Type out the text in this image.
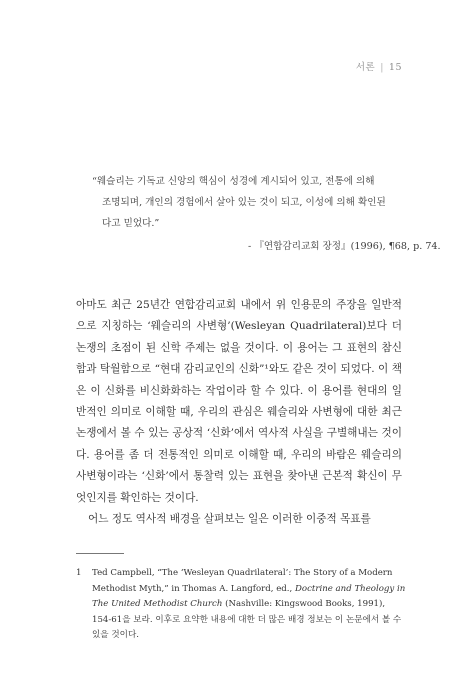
서론 | 15

“웨슬리는 기독교 신앙의 핵심이 성경에 계시되어 있고, 전통에 의해

조명되며, 개인의 경험에서 살아 있는 것이 되고, 이성에 의해 확인된

다고 믿었다.”

- 『연합감리교회 장정』(1996), ¶68, p. 74.

아마도 최근 25년간 연합감리교회 내에서 위 인용문의 주장을 일반적으로 지칭하는 ‘웨슬리의 사변형’(Wesleyan Quadrilateral)보다 더 논쟁의 초점이 된 신학 주제는 없을 것이다. 이 용어는 그 표현의 참신함과 탁월함으로 “현대 감리교인의 신화”¹와도 같은 것이 되었다. 이 책은 이 신화를 비신화화하는 작업이라 할 수 있다. 이 용어를 현대의 일반적인 의미로 이해할 때, 우리의 관심은 웨슬리와 사변형에 대한 최근 논쟁에서 볼 수 있는 공상적 ‘신화’에서 역사적 사실을 구별해내는 것이다. 용어를 좀 더 전통적인 의미로 이해할 때, 우리의 바람은 웨슬리의 사변형이라는 ‘신화’에서 통찰력 있는 표현을 찾아낸 근본적 확신이 무엇인지를 확인하는 것이다.

어느 정도 역사적 배경을 살펴보는 일은 이러한 이중적 목표를

1	Ted Campbell, “The ‘Wesleyan Quadrilateral’: The Story of a Modern Methodist Myth,” in Thomas A. Langford, ed., Doctrine and Theology in The United Methodist Church (Nashville: Kingswood Books, 1991), 154-61을 보라. 이후로 요약한 내용에 대한 더 많은 배경 정보는 이 논문에서 볼 수 있을 것이다.
